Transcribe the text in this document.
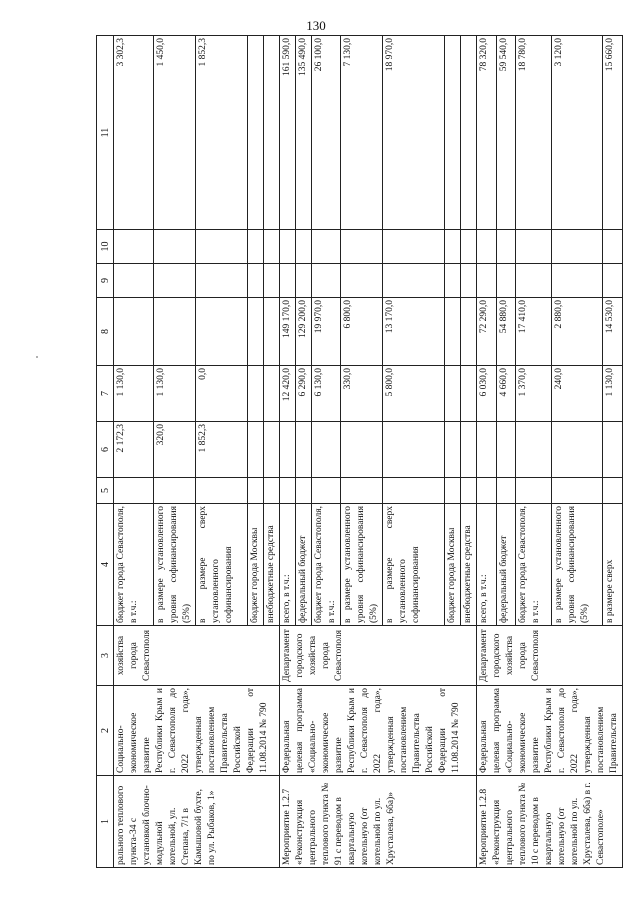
130
1	2	3	4	5	6	7	8	9	10	11
рального теплового пункта-34 с установкой блочно-модульной котельной, ул. Степана, 7/1 в Камышовой бухте, по ул. Рыбаков, 1»	Социально-экономическое развитие Республики Крым и г. Севастополя до 2022 года», утвержденная постановлением Правительства Российской Федерации от 11.08.2014 № 790	хозяйства города Севастополя	бюджет города Севастополя, в т.ч.:		2 172,3	1 130,0				3 302,3
			в размере установленного уровня софинансирования (5%)		320,0	1 130,0				1 450,0
			в размере сверх установленного софинансирования		1 852,3	0,0				1 852,3
			бюджет города Москвы							
			внебюджетные средства							
Мероприятие 1.2.7 «Реконструкция центрального теплового пункта № 91 с переводом в квартальную котельную (от котельной по ул. Хрусталева, 6ба)»	Федеральная целевая программа «Социально-экономическое развитие Республики Крым и г. Севастополя до 2022 года», утвержденная постановлением Правительства Российской Федерации от 11.08.2014 № 790	Департамент городского хозяйства города Севастополя	всего, в т.ч.:			12 420,0	149 170,0			161 590,0
			федеральный бюджет			6 290,0	129 200,0			135 490,0
			бюджет города Севастополя, в т.ч.:			6 130,0	19 970,0			26 100,0
			в размере установленного уровня софинансирования (5%)			330,0	6 800,0			7 130,0
			в размере сверх установленного софинансирования			5 800,0	13 170,0			18 970,0
			бюджет города Москвы							
			внебюджетные средства							
Мероприятие 1.2.8 «Реконструкция центрального теплового пункта № 10 с переводом в квартальную котельную (от котельной по ул. Хрусталева, 6ба) в г. Севастополе»	Федеральная целевая программа «Социально-экономическое развитие Республики Крым и г. Севастополя до 2022 года», утвержденная постановлением Правительства	Департамент городского хозяйства города Севастополя	всего, в т.ч.:			6 030,0	72 290,0			78 320,0
			федеральный бюджет			4 660,0	54 880,0			59 540,0
			бюджет города Севастополя, в т.ч.:			1 370,0	17 410,0			18 780,0
			в размере установленного уровня софинансирования (5%)			240,0	2 880,0			3 120,0
			в размере сверх			1 130,0	14 530,0			15 660,0
